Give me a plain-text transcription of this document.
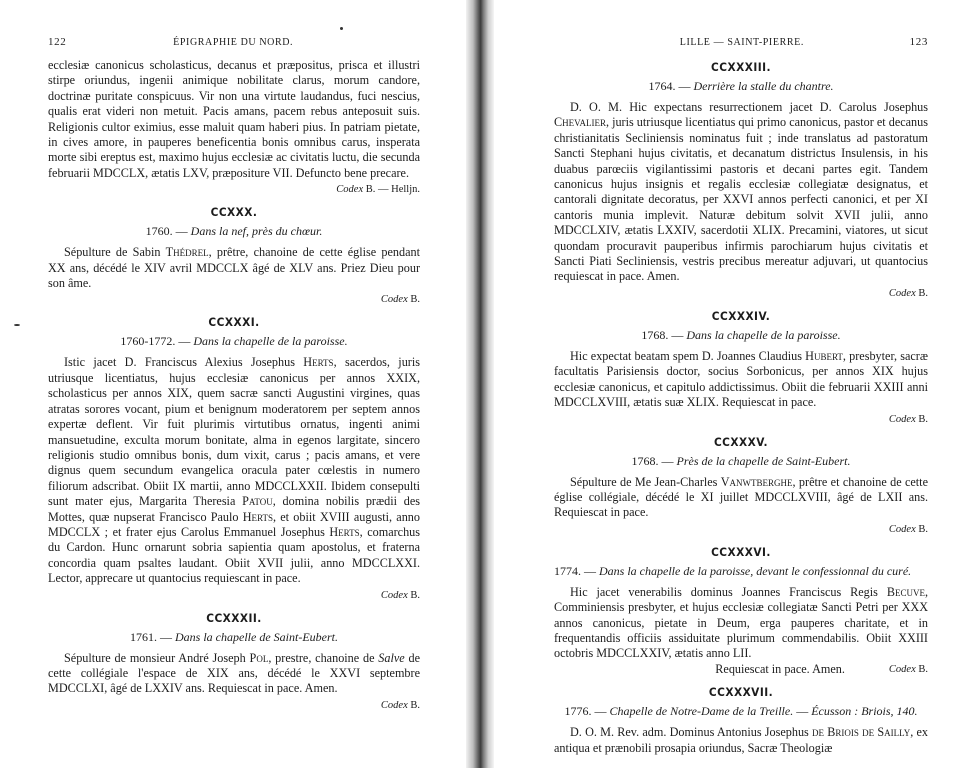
122	ÉPIGRAPHIE DU NORD.

ecclesiæ canonicus scholasticus, decanus et præpositus, prisca et illustri stirpe oriundus, ingenii animique nobilitate clarus, morum candore, doctrinæ puritate conspicuus. Vir non una virtute laudandus, fuci nescius, qualis erat videri non metuit. Pacis amans, pacem rebus anteposuit suis. Religionis cultor eximius, esse maluit quam haberi pius. In patriam pietate, in cives amore, in pauperes beneficentia bonis omnibus carus, insperata morte sibi ereptus est, maximo hujus ecclesiæ ac civitatis luctu, die secunda februarii MDCCLX, ætatis LXV, præpositure VII. Defuncto bene precare.

Codex B. — Helljn.
CCXXX.
1760. — Dans la nef, près du chœur.

Sépulture de Sabin Thédrel, prêtre, chanoine de cette église pendant XX ans, décédé le XIV avril MDCCLX âgé de XLV ans. Priez Dieu pour son âme.

Codex B.
CCXXXI.
1760-1772. — Dans la chapelle de la paroisse.

Istic jacet D. Franciscus Alexius Josephus Herts, sacerdos, juris utriusque licentiatus, hujus ecclesiæ canonicus per annos XXIX, scholasticus per annos XIX, quem sacræ sancti Augustini virgines, quas atratas sorores vocant, pium et benignum moderatorem per septem annos expertæ deflent. Vir fuit plurimis virtutibus ornatus, ingenti animi mansuetudine, exculta morum bonitate, alma in egenos largitate, sincero religionis studio omnibus bonis, dum vixit, carus ; pacis amans, et vere dignus quem secundum evangelica oracula pater cœlestis in numero filiorum adscribat. Obiit IX martii, anno MDCCLXXII. Ibidem consepulti sunt mater ejus, Margarita Theresia Patou, domina nobilis prædii des Mottes, quæ nupserat Francisco Paulo Herts, et obiit XVIII augusti, anno MDCCLX ; et frater ejus Carolus Emmanuel Josephus Herts, comarchus du Cardon. Hunc ornarunt sobria sapientia quam apostolus, et fraterna concordia quam psaltes laudant. Obiit XVII julii, anno MDCCLXXI. Lector, apprecare ut quantocius requiescant in pace.

Codex B.
CCXXXII.
1761. — Dans la chapelle de Saint-Eubert.

Sépulture de monsieur André Joseph Pol, prestre, chanoine de Salve de cette collégiale l'espace de XIX ans, décédé le XXVI septembre MDCCLXI, âgé de LXXIV ans. Requiescat in pace. Amen.

Codex B.
LILLE — SAINT-PIERRE.	123
CCXXXIII.
1764. — Derrière la stalle du chantre.

D. O. M. Hic expectans resurrectionem jacet D. Carolus Josephus Chevalier, juris utriusque licentiatus qui primo canonicus, pastor et decanus christianitatis Secliniensis nominatus fuit ; inde translatus ad pastoratum Sancti Stephani hujus civitatis, et decanatum districtus Insulensis, in his duabus parœciis vigilantissimi pastoris et decani partes egit. Tandem canonicus hujus insignis et regalis ecclesiæ collegiatæ designatus, et cantorali dignitate decoratus, per XXVI annos perfecti canonici, et per XI cantoris munia implevit. Naturæ debitum solvit XVII julii, anno MDCCLXIV, ætatis LXXIV, sacerdotii XLIX. Precamini, viatores, ut sicut quondam procuravit pauperibus infirmis parochiarum hujus civitatis et Sancti Piati Secliniensis, vestris precibus mereatur adjuvari, ut quantocius requiescat in pace. Amen.

Codex B.
CCXXXIV.
1768. — Dans la chapelle de la paroisse.

Hic expectat beatam spem D. Joannes Claudius Hubert, presbyter, sacræ facultatis Parisiensis doctor, socius Sorbonicus, per annos XIX hujus ecclesiæ canonicus, et capitulo addictissimus. Obiit die februarii XXIII anni MDCCLXVIII, ætatis suæ XLIX. Requiescat in pace.

Codex B.
CCXXXV.
1768. — Près de la chapelle de Saint-Eubert.

Sépulture de Me Jean-Charles Vanwtberghe, prêtre et chanoine de cette église collégiale, décédé le XI juillet MDCCLXVIII, âgé de LXII ans. Requiescat in pace.

Codex B.
CCXXXVI.
1774. — Dans la chapelle de la paroisse, devant le confessionnal du curé.

Hic jacet venerabilis dominus Joannes Franciscus Regis Becuve, Comminiensis presbyter, et hujus ecclesiæ collegiatæ Sancti Petri per XXX annos canonicus, pietate in Deum, erga pauperes charitate, et in frequentandis officiis assiduitate plurimum commendabilis. Obiit XXIII octobris MDCCLXXIV, ætatis anno LII.

Requiescat in pace. Amen.	Codex B.
CCXXXVII.
1776. — Chapelle de Notre-Dame de la Treille. — Écusson : Briois, 140.

D. O. M. Rev. adm. Dominus Antonius Josephus de Briois de Sailly, ex antiqua et prænobili prosapia oriundus, Sacræ Theologiæ
